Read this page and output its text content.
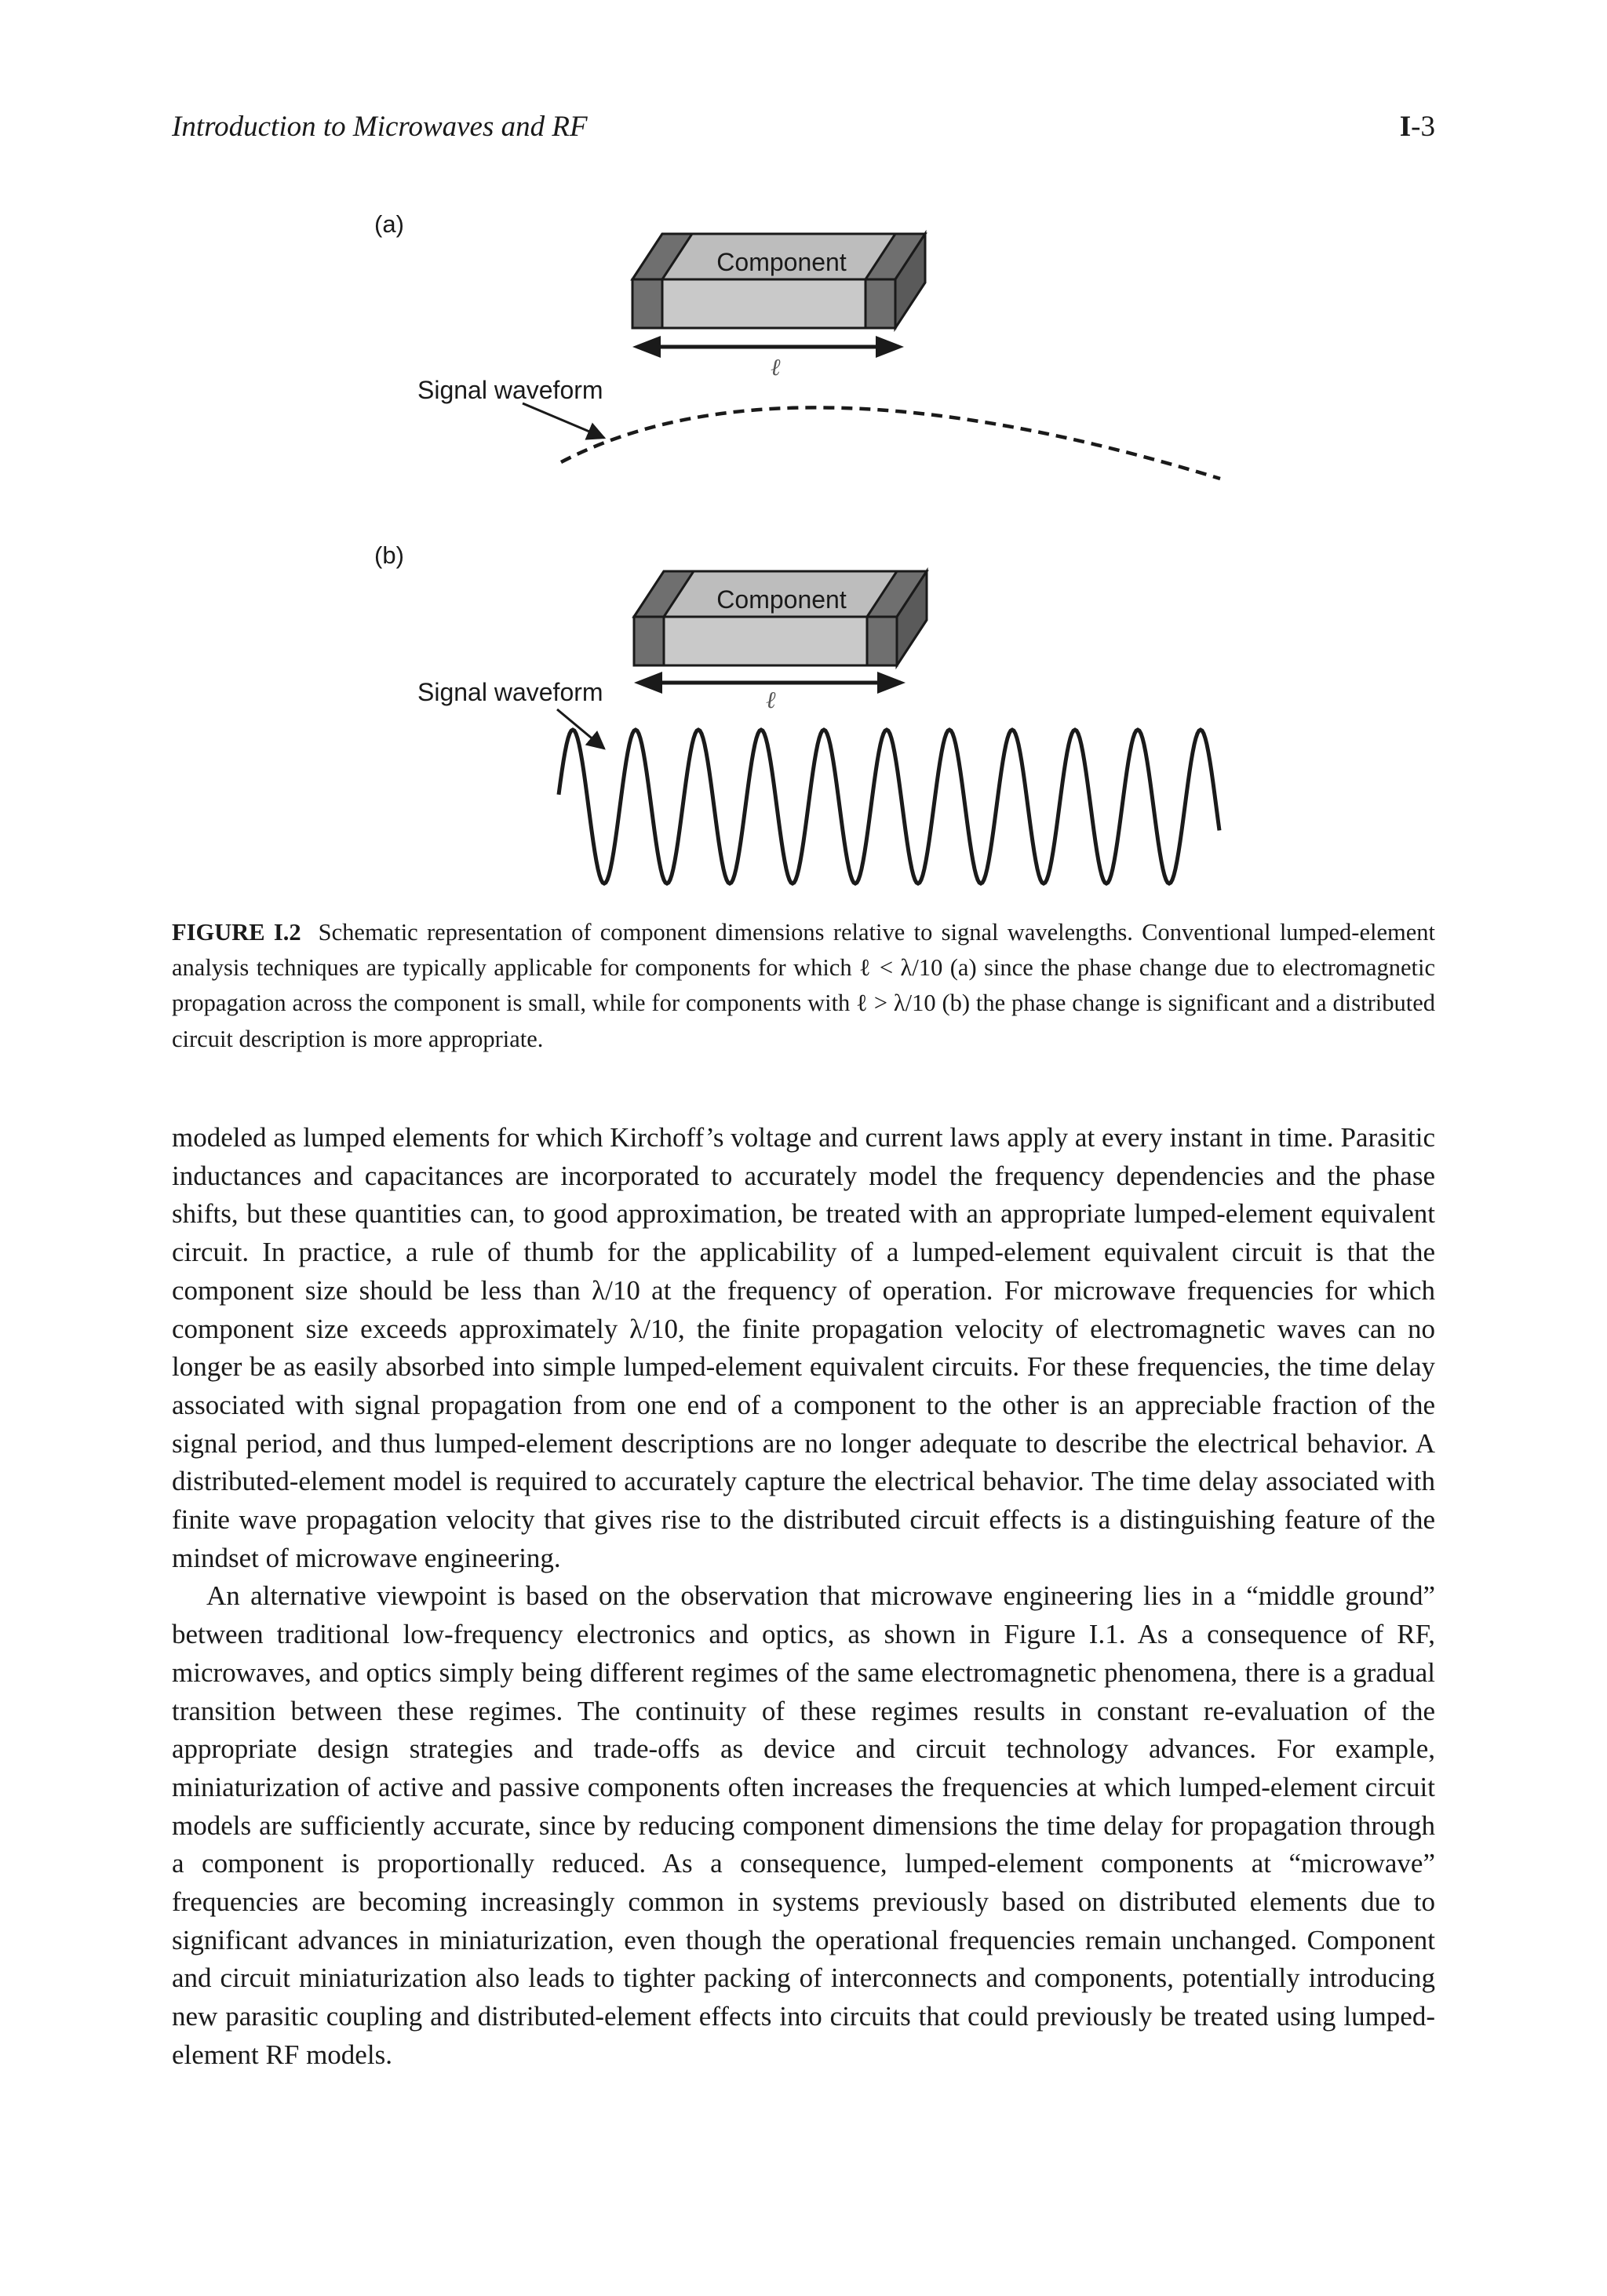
Introduction to Microwaves and RF	I-3
(a)
Component
ℓ
Signal waveform
(b)
Component
ℓ
Signal waveform
FIGURE I.2 Schematic representation of component dimensions relative to signal wavelengths. Conventional lumped-element analysis techniques are typically applicable for components for which ℓ < λ/10 (a) since the phase change due to electromagnetic propagation across the component is small, while for components with ℓ > λ/10 (b) the phase change is significant and a distributed circuit description is more appropriate.

modeled as lumped elements for which Kirchoff’s voltage and current laws apply at every instant in time. Parasitic inductances and capacitances are incorporated to accurately model the frequency dependencies and the phase shifts, but these quantities can, to good approximation, be treated with an appropriate lumped-element equivalent circuit. In practice, a rule of thumb for the applicability of a lumped-element equivalent circuit is that the component size should be less than λ/10 at the frequency of operation. For microwave frequencies for which component size exceeds approximately λ/10, the finite propagation velocity of electromagnetic waves can no longer be as easily absorbed into simple lumped-element equivalent circuits. For these frequencies, the time delay associated with signal propagation from one end of a component to the other is an appreciable fraction of the signal period, and thus lumped-element descriptions are no longer adequate to describe the electrical behavior. A distributed-element model is required to accurately capture the electrical behavior. The time delay associated with finite wave propagation velocity that gives rise to the distributed circuit effects is a distinguishing feature of the mindset of microwave engineering.

An alternative viewpoint is based on the observation that microwave engineering lies in a “middle ground” between traditional low-frequency electronics and optics, as shown in Figure I.1. As a consequence of RF, microwaves, and optics simply being different regimes of the same electromagnetic phenomena, there is a gradual transition between these regimes. The continuity of these regimes results in constant re-evaluation of the appropriate design strategies and trade-offs as device and circuit technology advances. For example, miniaturization of active and passive components often increases the frequencies at which lumped-element circuit models are sufficiently accurate, since by reducing component dimensions the time delay for propagation through a component is proportionally reduced. As a consequence, lumped-element components at “microwave” frequencies are becoming increasingly common in systems previously based on distributed elements due to significant advances in miniaturization, even though the operational frequencies remain unchanged. Component and circuit miniaturization also leads to tighter packing of interconnects and components, potentially introducing new parasitic coupling and distributed-element effects into circuits that could previously be treated using lumped-element RF models.
